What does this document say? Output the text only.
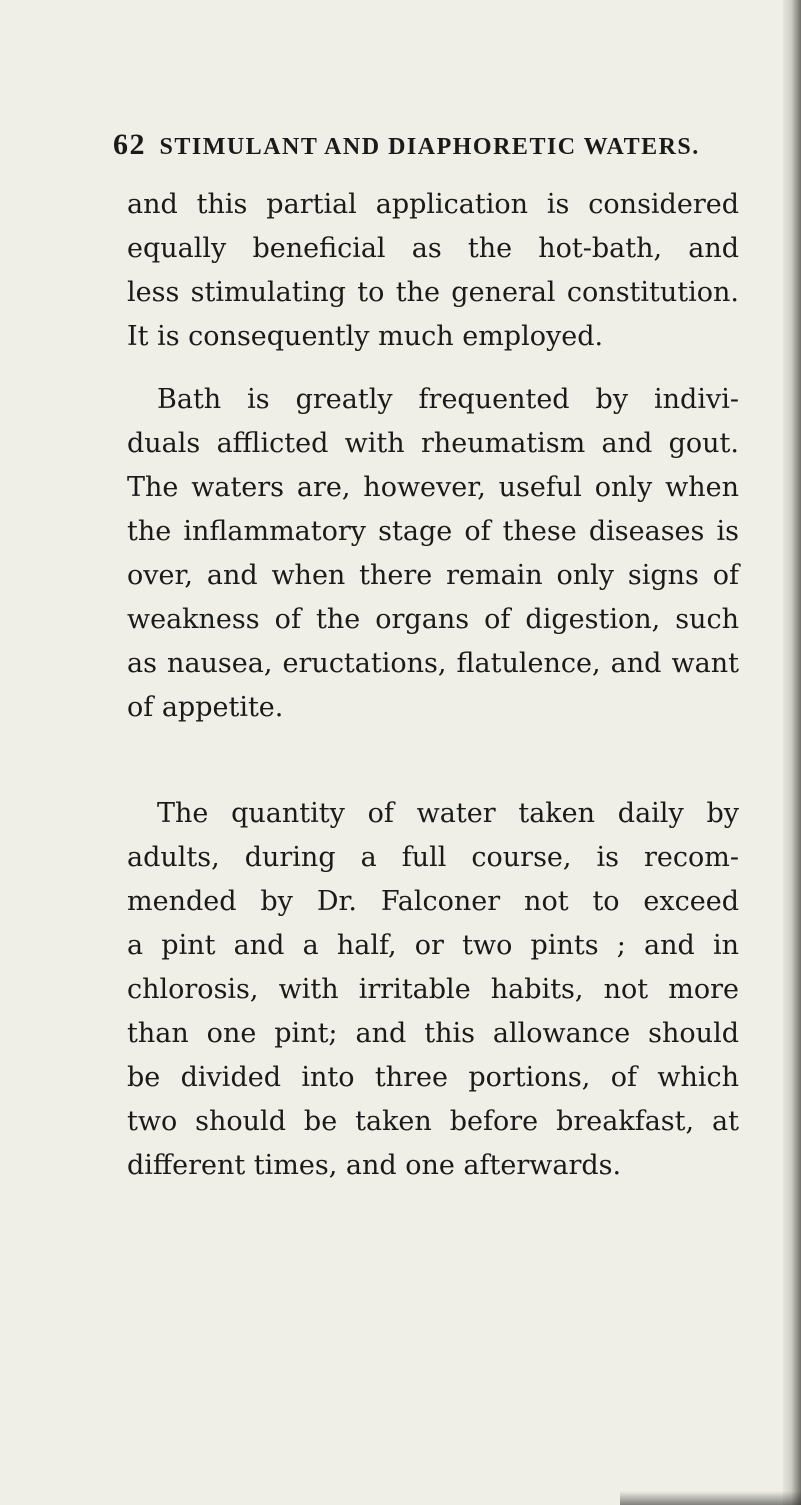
62 STIMULANT AND DIAPHORETIC WATERS.
and this partial application is considered
equally beneficial as the hot-bath, and
less stimulating to the general constitution.
It is consequently much employed.
Bath is greatly frequented by indivi-
duals afflicted with rheumatism and gout.
The waters are, however, useful only when
the inflammatory stage of these diseases is
over, and when there remain only signs of
weakness of the organs of digestion, such
as nausea, eructations, flatulence, and want
of appetite.
The quantity of water taken daily by
adults, during a full course, is recom-
mended by Dr. Falconer not to exceed
a pint and a half, or two pints ; and in
chlorosis, with irritable habits, not more
than one pint; and this allowance should
be divided into three portions, of which
two should be taken before breakfast, at
different times, and one afterwards.
